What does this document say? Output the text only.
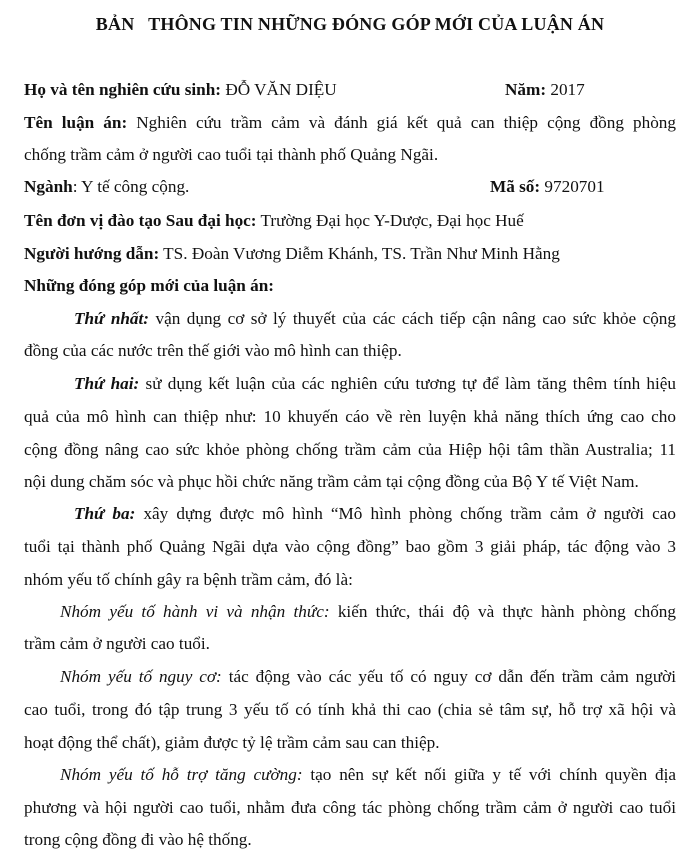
BẢN   THÔNG TIN NHỮNG ĐÓNG GÓP MỚI CỦA LUẬN ÁN
Họ và tên nghiên cứu sinh: ĐỖ VĂN DIỆU	Năm: 2017
Tên luận án: Nghiên cứu trầm cảm và đánh giá kết quả can thiệp cộng đồng phòng
chống trầm cảm ở người cao tuổi tại thành phố Quảng Ngãi.
Ngành: Y tế công cộng.	Mã số: 9720701
Tên đơn vị đào tạo Sau đại học: Trường Đại học Y-Dược, Đại học Huế
Người hướng dẫn: TS. Đoàn Vương Diễm Khánh, TS. Trần Như Minh Hằng
Những đóng góp mới của luận án:
Thứ nhất: vận dụng cơ sở lý thuyết của các cách tiếp cận nâng cao sức khỏe cộng
đồng của các nước trên thế giới vào mô hình can thiệp.
Thứ hai: sử dụng kết luận của các nghiên cứu tương tự để làm tăng thêm tính hiệu
quả của mô hình can thiệp như: 10 khuyến cáo về rèn luyện khả năng thích ứng cao cho
cộng đồng nâng cao sức khỏe phòng chống trầm cảm của Hiệp hội tâm thần Australia; 11
nội dung chăm sóc và phục hồi chức năng trầm cảm tại cộng đồng của Bộ Y tế Việt Nam.
Thứ ba: xây dựng được mô hình “Mô hình phòng chống trầm cảm ở người cao
tuổi tại thành phố Quảng Ngãi dựa vào cộng đồng” bao gồm 3 giải pháp, tác động vào 3
nhóm yếu tố chính gây ra bệnh trầm cảm, đó là:
Nhóm yếu tố hành vi và nhận thức: kiến thức, thái độ và thực hành phòng chống
trầm cảm ở người cao tuổi.
Nhóm yếu tố nguy cơ: tác động vào các yếu tố có nguy cơ dẫn đến trầm cảm người
cao tuổi, trong đó tập trung 3 yếu tố có tính khả thi cao (chia sẻ tâm sự, hỗ trợ xã hội và
hoạt động thể chất), giảm được tỷ lệ trầm cảm sau can thiệp.
Nhóm yếu tố hỗ trợ tăng cường: tạo nên sự kết nối giữa y tế với chính quyền địa
phương và hội người cao tuổi, nhằm đưa công tác phòng chống trầm cảm ở người cao tuổi
trong cộng đồng đi vào hệ thống.
